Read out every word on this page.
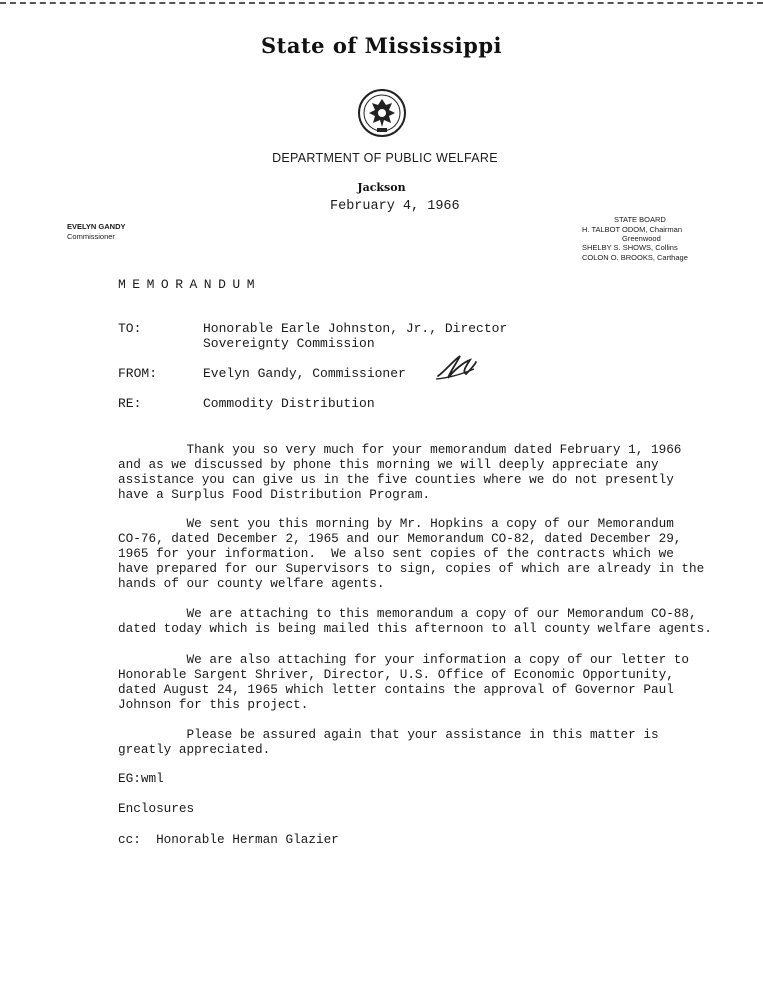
State of Mississippi
DEPARTMENT OF PUBLIC WELFARE
Jackson
February 4, 1966
EVELYN GANDY
Commissioner
STATE BOARD
H. TALBOT ODOM, Chairman
Greenwood
SHELBY S. SHOWS, Collins
COLON O. BROOKS, Carthage
MEMORANDUM
TO:	Honorable Earle Johnston, Jr., Director
Sovereignty Commission
FROM:	Evelyn Gandy, Commissioner
RE:	Commodity Distribution
Thank you so very much for your memorandum dated February 1, 1966
and as we discussed by phone this morning we will deeply appreciate any
assistance you can give us in the five counties where we do not presently
have a Surplus Food Distribution Program.
We sent you this morning by Mr. Hopkins a copy of our Memorandum
CO-76, dated December 2, 1965 and our Memorandum CO-82, dated December 29,
1965 for your information.  We also sent copies of the contracts which we
have prepared for our Supervisors to sign, copies of which are already in the
hands of our county welfare agents.
We are attaching to this memorandum a copy of our Memorandum CO-88,
dated today which is being mailed this afternoon to all county welfare agents.
We are also attaching for your information a copy of our letter to
Honorable Sargent Shriver, Director, U.S. Office of Economic Opportunity,
dated August 24, 1965 which letter contains the approval of Governor Paul
Johnson for this project.
Please be assured again that your assistance in this matter is
greatly appreciated.
EG:wml
Enclosures
cc:  Honorable Herman Glazier
